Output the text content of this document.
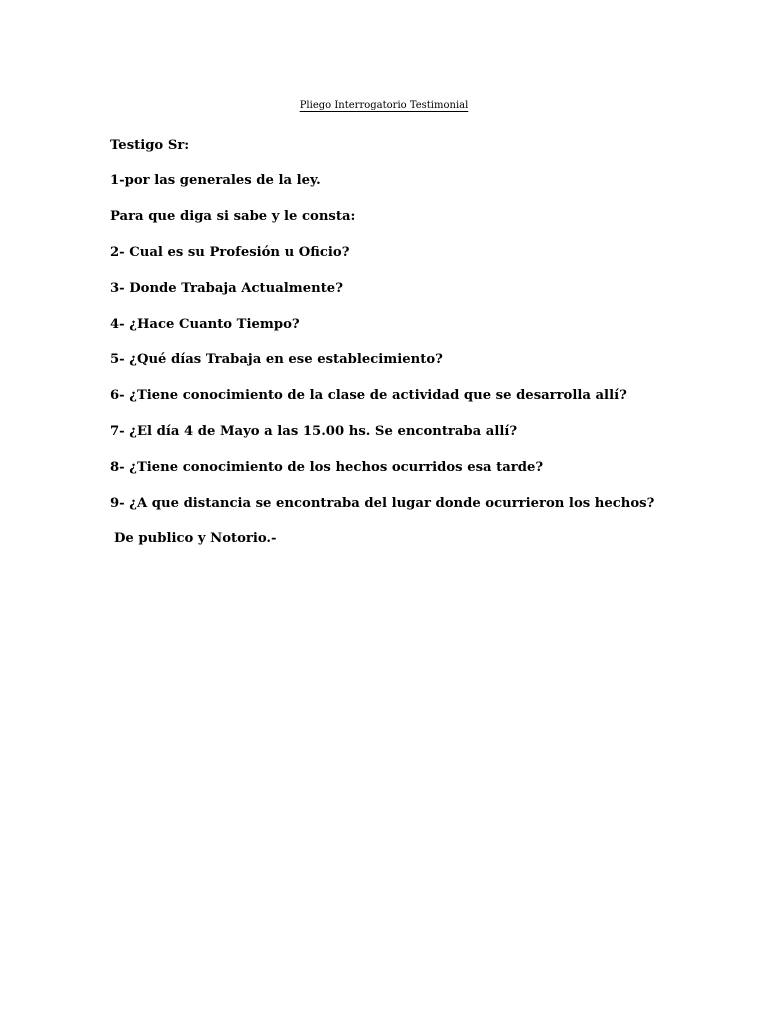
Pliego Interrogatorio Testimonial
Testigo Sr:
1-por las generales de la ley.
Para que diga si sabe y le consta:
2- Cual es su Profesión u Oficio?
3- Donde Trabaja Actualmente?
4- ¿Hace Cuanto Tiempo?
5- ¿Qué días Trabaja en ese establecimiento?
6- ¿Tiene conocimiento de la clase de actividad que se desarrolla allí?
7- ¿El día 4 de Mayo a las 15.00 hs. Se encontraba allí?
8- ¿Tiene conocimiento de los hechos ocurridos esa tarde?
9- ¿A que distancia se encontraba del lugar donde ocurrieron los hechos?
De publico y Notorio.-
